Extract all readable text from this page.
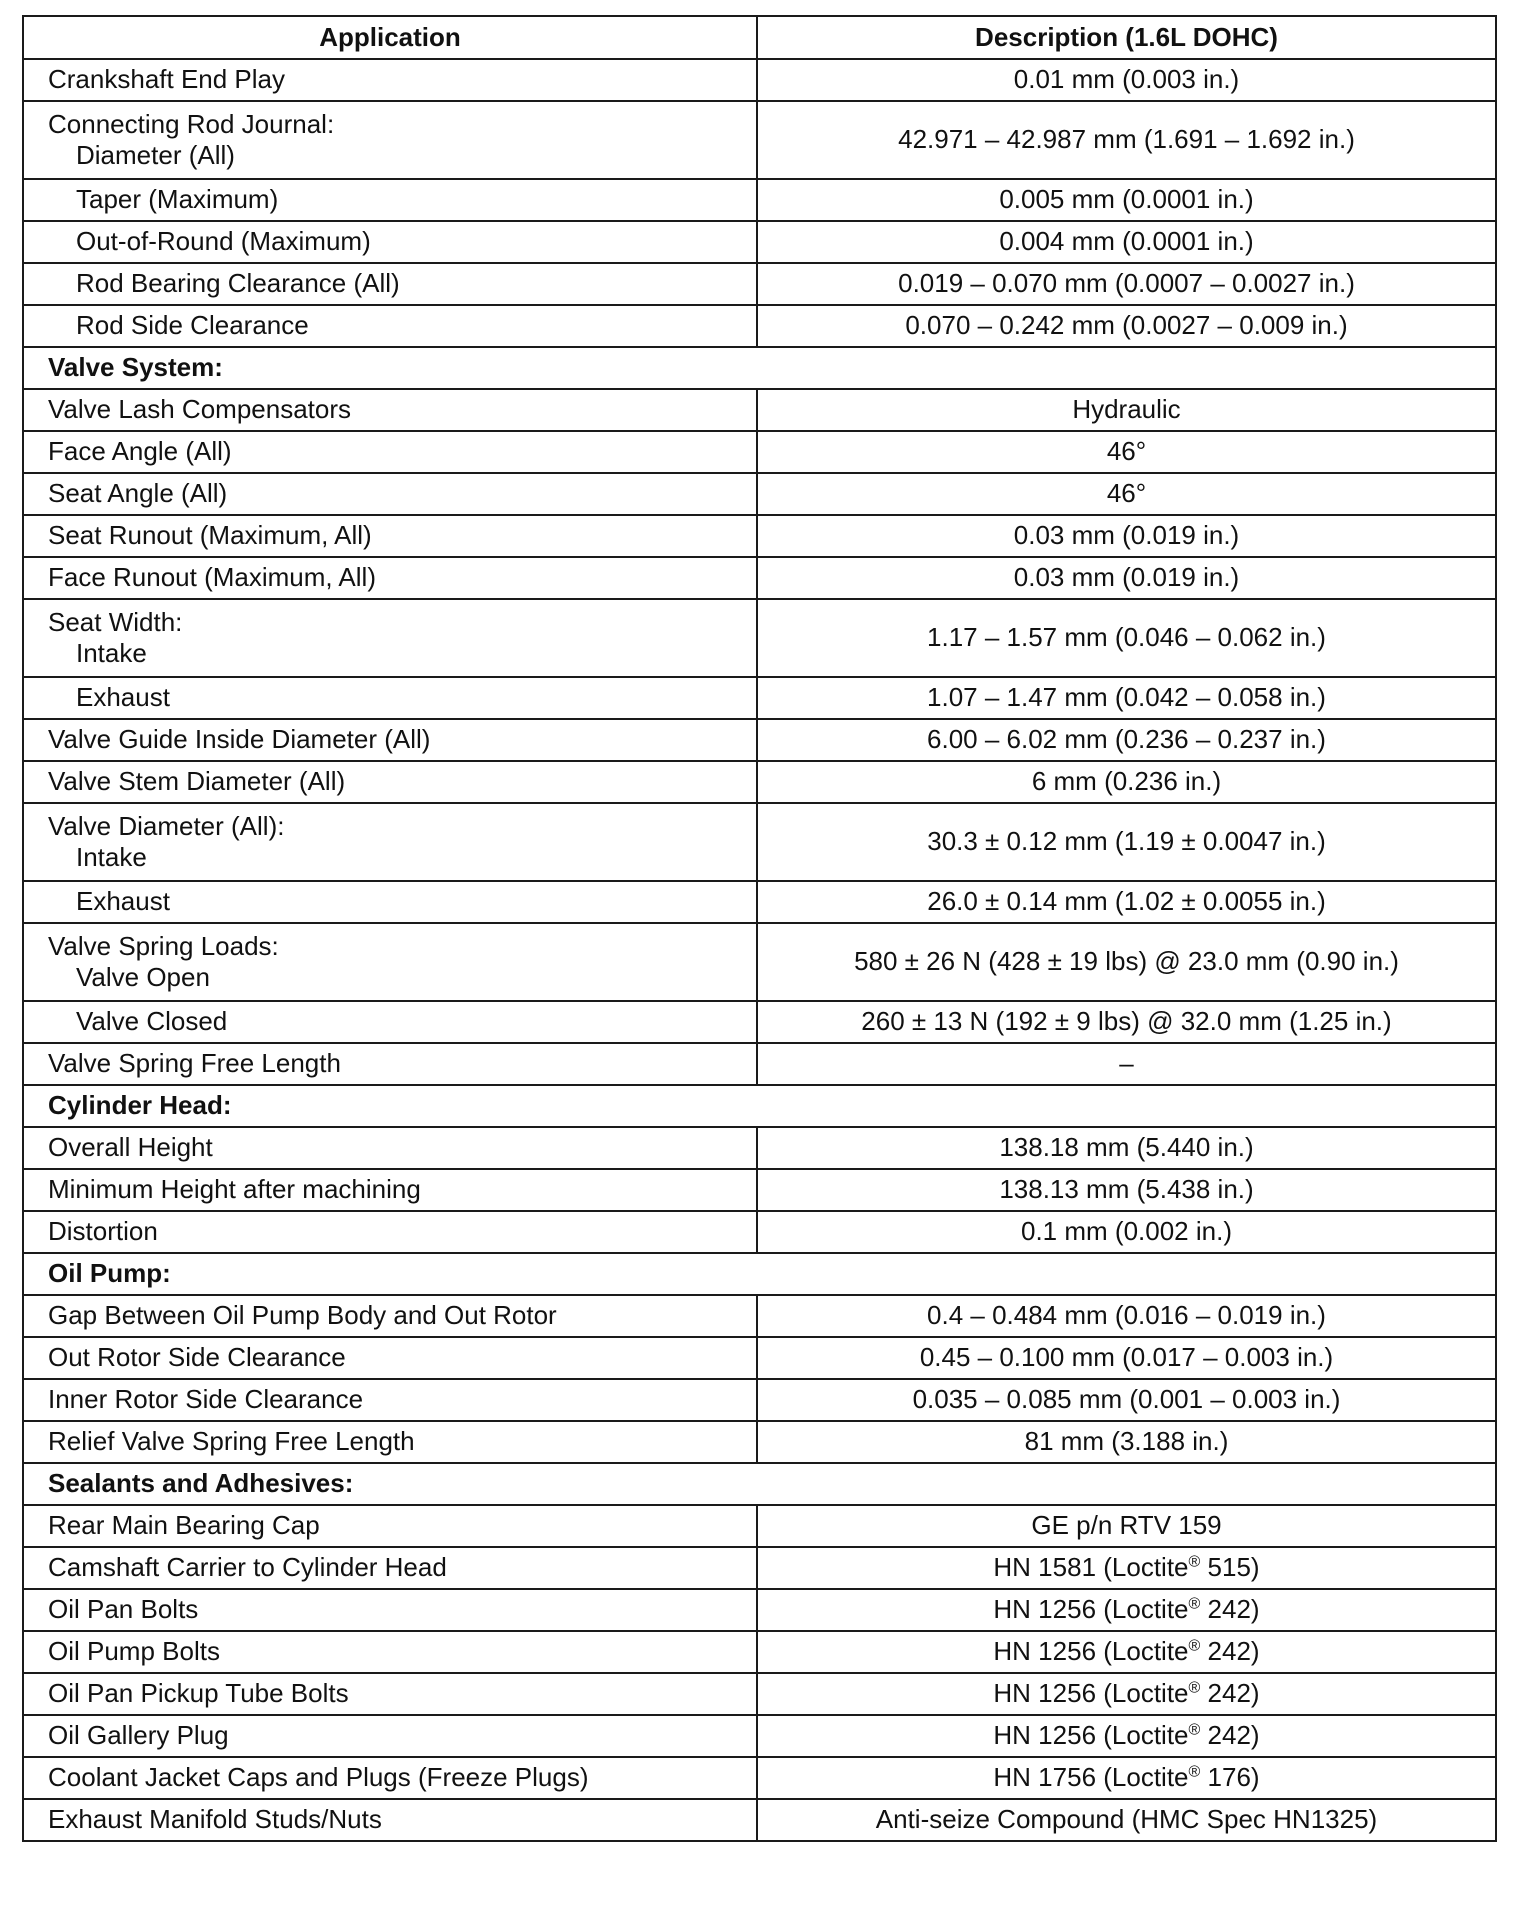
Application	Description (1.6L DOHC)
Crankshaft End Play	0.01 mm (0.003 in.)
Connecting Rod Journal:
Diameter (All)	42.971 – 42.987 mm (1.691 – 1.692 in.)
Taper (Maximum)	0.005 mm (0.0001 in.)
Out-of-Round (Maximum)	0.004 mm (0.0001 in.)
Rod Bearing Clearance (All)	0.019 – 0.070 mm (0.0007 – 0.0027 in.)
Rod Side Clearance	0.070 – 0.242 mm (0.0027 – 0.009 in.)
Valve System:	
Valve Lash Compensators	Hydraulic
Face Angle (All)	46°
Seat Angle (All)	46°
Seat Runout (Maximum, All)	0.03 mm (0.019 in.)
Face Runout (Maximum, All)	0.03 mm (0.019 in.)
Seat Width:
Intake	1.17 – 1.57 mm (0.046 – 0.062 in.)
Exhaust	1.07 – 1.47 mm (0.042 – 0.058 in.)
Valve Guide Inside Diameter (All)	6.00 – 6.02 mm (0.236 – 0.237 in.)
Valve Stem Diameter (All)	6 mm (0.236 in.)
Valve Diameter (All):
Intake	30.3 ± 0.12 mm (1.19 ± 0.0047 in.)
Exhaust	26.0 ± 0.14 mm (1.02 ± 0.0055 in.)
Valve Spring Loads:
Valve Open	580 ± 26 N (428 ± 19 lbs) @ 23.0 mm (0.90 in.)
Valve Closed	260 ± 13 N (192 ± 9 lbs) @ 32.0 mm (1.25 in.)
Valve Spring Free Length	–
Cylinder Head:	
Overall Height	138.18 mm (5.440 in.)
Minimum Height after machining	138.13 mm (5.438 in.)
Distortion	0.1 mm (0.002 in.)
Oil Pump:	
Gap Between Oil Pump Body and Out Rotor	0.4 – 0.484 mm (0.016 – 0.019 in.)
Out Rotor Side Clearance	0.45 – 0.100 mm (0.017 – 0.003 in.)
Inner Rotor Side Clearance	0.035 – 0.085 mm (0.001 – 0.003 in.)
Relief Valve Spring Free Length	81 mm (3.188 in.)
Sealants and Adhesives:	
Rear Main Bearing Cap	GE p/n RTV 159
Camshaft Carrier to Cylinder Head	HN 1581 (Loctite® 515)
Oil Pan Bolts	HN 1256 (Loctite® 242)
Oil Pump Bolts	HN 1256 (Loctite® 242)
Oil Pan Pickup Tube Bolts	HN 1256 (Loctite® 242)
Oil Gallery Plug	HN 1256 (Loctite® 242)
Coolant Jacket Caps and Plugs (Freeze Plugs)	HN 1756 (Loctite® 176)
Exhaust Manifold Studs/Nuts	Anti-seize Compound (HMC Spec HN1325)
